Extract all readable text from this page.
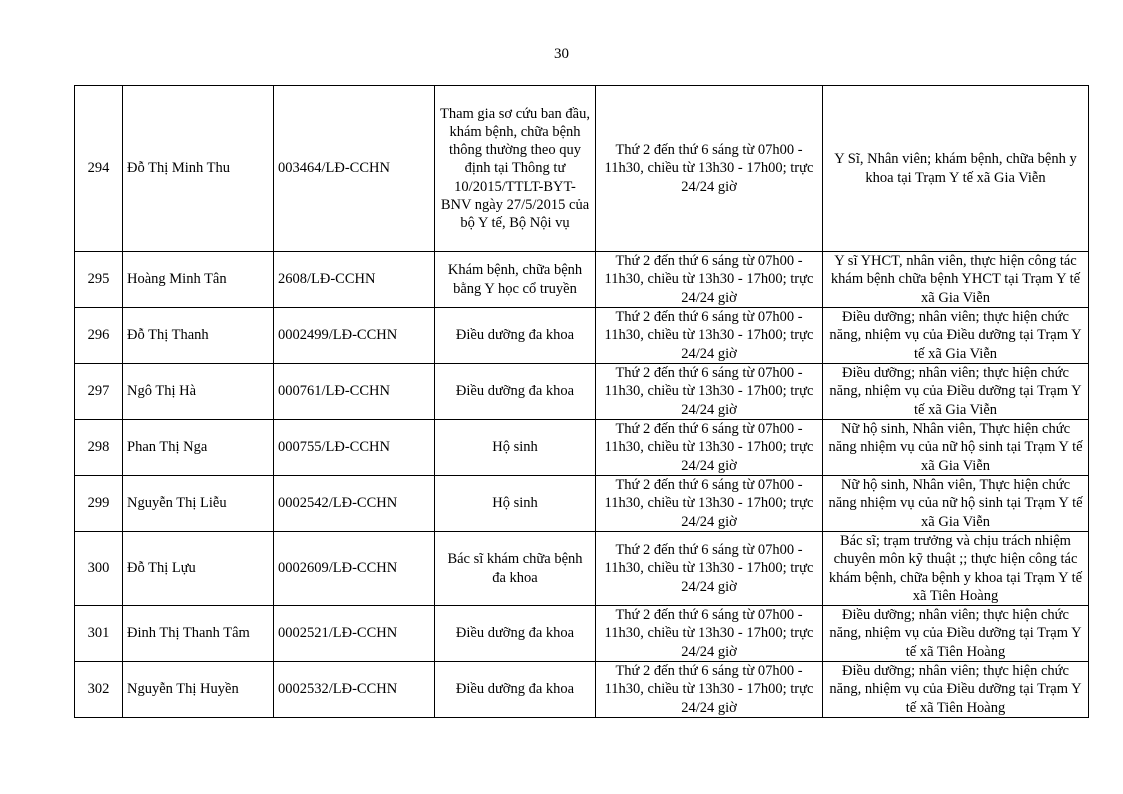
30
294	Đỗ Thị Minh Thu	003464/LĐ-CCHN	Tham gia sơ cứu ban đầu, khám bệnh, chữa bệnh thông thường theo quy định tại Thông tư 10/2015/TTLT-BYT-BNV ngày 27/5/2015 của bộ Y tế, Bộ Nội vụ	Thứ 2 đến thứ 6 sáng từ 07h00 - 11h30, chiều từ 13h30 - 17h00; trực 24/24 giờ	Y Sĩ, Nhân viên; khám bệnh, chữa bệnh y khoa tại Trạm Y tế xã Gia Viễn
295	Hoàng Minh Tân	2608/LĐ-CCHN	Khám bệnh, chữa bệnh bằng Y học cổ truyền	Thứ 2 đến thứ 6 sáng từ 07h00 - 11h30, chiều từ 13h30 - 17h00; trực 24/24 giờ	Y sĩ YHCT, nhân viên, thực hiện công tác khám bệnh chữa bệnh YHCT tại Trạm Y tế xã Gia Viễn
296	Đỗ Thị Thanh	0002499/LĐ-CCHN	Điều dưỡng đa khoa	Thứ 2 đến thứ 6 sáng từ 07h00 - 11h30, chiều từ 13h30 - 17h00; trực 24/24 giờ	Điều dưỡng; nhân viên; thực hiện chức năng, nhiệm vụ của Điều dưỡng tại Trạm Y tế xã Gia Viễn
297	Ngô Thị Hà	000761/LĐ-CCHN	Điều dưỡng đa khoa	Thứ 2 đến thứ 6 sáng từ 07h00 - 11h30, chiều từ 13h30 - 17h00; trực 24/24 giờ	Điều dưỡng; nhân viên; thực hiện chức năng, nhiệm vụ của Điều dưỡng tại Trạm Y tế xã Gia Viễn
298	Phan Thị Nga	000755/LĐ-CCHN	Hộ sinh	Thứ 2 đến thứ 6 sáng từ 07h00 - 11h30, chiều từ 13h30 - 17h00; trực 24/24 giờ	Nữ hộ sinh, Nhân viên, Thực hiện chức năng nhiệm vụ của nữ hộ sinh tại Trạm Y tế xã Gia Viễn
299	Nguyễn Thị Liễu	0002542/LĐ-CCHN	Hộ sinh	Thứ 2 đến thứ 6 sáng từ 07h00 - 11h30, chiều từ 13h30 - 17h00; trực 24/24 giờ	Nữ hộ sinh, Nhân viên, Thực hiện chức năng nhiệm vụ của nữ hộ sinh tại Trạm Y tế xã Gia Viễn
300	Đỗ Thị Lựu	0002609/LĐ-CCHN	Bác sĩ khám chữa bệnh đa khoa	Thứ 2 đến thứ 6 sáng từ 07h00 - 11h30, chiều từ 13h30 - 17h00; trực 24/24 giờ	Bác sĩ; trạm trưởng và chịu trách nhiệm chuyên môn kỹ thuật ;; thực hiện công tác khám bệnh, chữa bệnh y khoa tại Trạm Y tế xã Tiên Hoàng
301	Đinh Thị Thanh Tâm	0002521/LĐ-CCHN	Điều dưỡng đa khoa	Thứ 2 đến thứ 6 sáng từ 07h00 - 11h30, chiều từ 13h30 - 17h00; trực 24/24 giờ	Điều dưỡng; nhân viên; thực hiện chức năng, nhiệm vụ của Điều dưỡng tại Trạm Y tế xã Tiên Hoàng
302	Nguyễn Thị Huyền	0002532/LĐ-CCHN	Điều dưỡng đa khoa	Thứ 2 đến thứ 6 sáng từ 07h00 - 11h30, chiều từ 13h30 - 17h00; trực 24/24 giờ	Điều dưỡng; nhân viên; thực hiện chức năng, nhiệm vụ của Điều dưỡng tại Trạm Y tế xã Tiên Hoàng
